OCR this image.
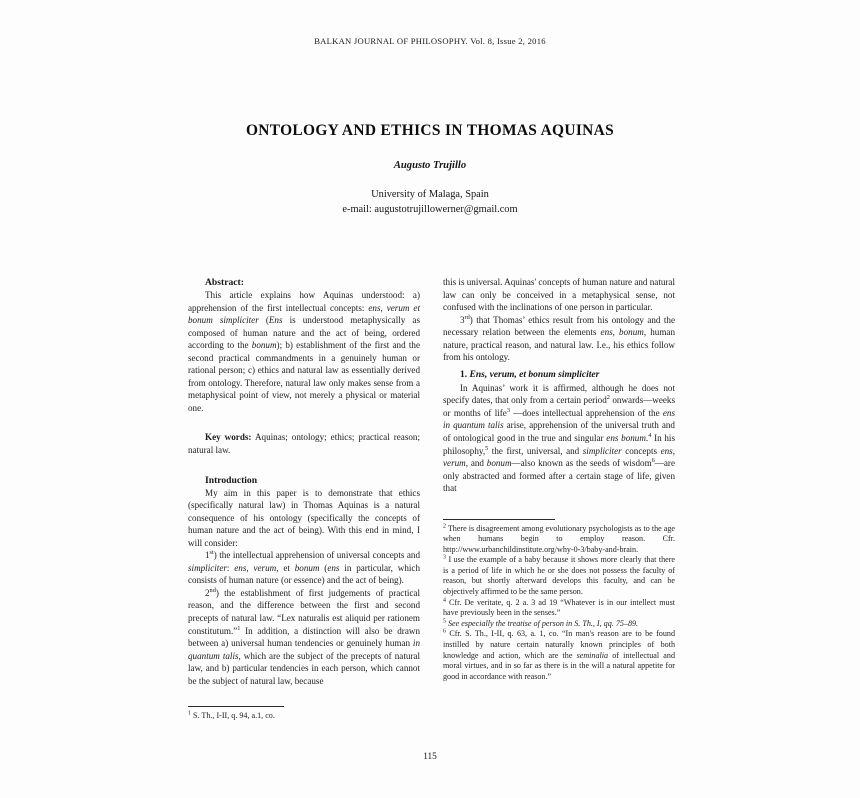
BALKAN JOURNAL OF PHILOSOPHY. Vol. 8, Issue 2, 2016
ONTOLOGY AND ETHICS IN THOMAS AQUINAS
Augusto Trujillo
University of Malaga, Spain
e-mail: augustotrujillowerner@gmail.com
Abstract:

This article explains how Aquinas understood: a) apprehension of the first intellectual concepts: ens, verum et bonum simpliciter (Ens is understood metaphysically as composed of human nature and the act of being, ordered according to the bonum); b) establishment of the first and the second practical commandments in a genuinely human or rational person; c) ethics and natural law as essentially derived from ontology. Therefore, natural law only makes sense from a metaphysical point of view, not merely a physical or material one.

Key words: Aquinas; ontology; ethics; practical reason; natural law.

Introduction

My aim in this paper is to demonstrate that ethics (specifically natural law) in Thomas Aquinas is a natural consequence of his ontology (specifically the concepts of human nature and the act of being). With this end in mind, I will consider:

1st) the intellectual apprehension of universal concepts and simpliciter: ens, verum, et bonum (ens in particular, which consists of human nature (or essence) and the act of being).

2nd) the establishment of first judgements of practical reason, and the difference between the first and second precepts of natural law. “Lex naturalis est aliquid per rationem constitutum.”$^1$ In addition, a distinction will also be drawn between a) universal human tendencies or genuinely human in quantum talis, which are the subject of the precepts of natural law, and b) particular tendencies in each person, which cannot be the subject of natural law, because

$^1$ S. Th., I-II, q. 94, a.1, co.

this is universal. Aquinas' concepts of human nature and natural law can only be conceived in a metaphysical sense, not confused with the inclinations of one person in particular.

3rd) that Thomas’ ethics result from his ontology and the necessary relation between the elements ens, bonum, human nature, practical reason, and natural law. I.e., his ethics follow from his ontology.

1. Ens, verum, et bonum simpliciter

In Aquinas’ work it is affirmed, although he does not specify dates, that only from a certain period$^2$ onwards—weeks or months of life$^3$ —does intellectual apprehension of the ens in quantum talis arise, apprehension of the universal truth and of ontological good in the true and singular ens bonum.$^4$ In his philosophy,$^5$ the first, universal, and simpliciter concepts ens, verum, and bonum—also known as the seeds of wisdom$^6$—are only abstracted and formed after a certain stage of life, given that

$^2$ There is disagreement among evolutionary psychologists as to the age when humans begin to employ reason. Cfr. http://www.urbanchildinstitute.org/why-0-3/baby-and-brain.

$^3$ I use the example of a baby because it shows more clearly that there is a period of life in which he or she does not possess the faculty of reason, but shortly afterward develops this faculty, and can be objectively affirmed to be the same person.

$^4$ Cfr. De veritate, q. 2 a. 3 ad 19 “Whatever is in our intellect must have previously been in the senses.”

$^5$ See especially the treatise of person in S. Th., I, qq. 75–89.

$^6$ Cfr. S. Th., I-II, q. 63, a. 1, co. “In man's reason are to be found instilled by nature certain naturally known principles of both knowledge and action, which are the seminalia of intellectual and moral virtues, and in so far as there is in the will a natural appetite for good in accordance with reason.”

115
